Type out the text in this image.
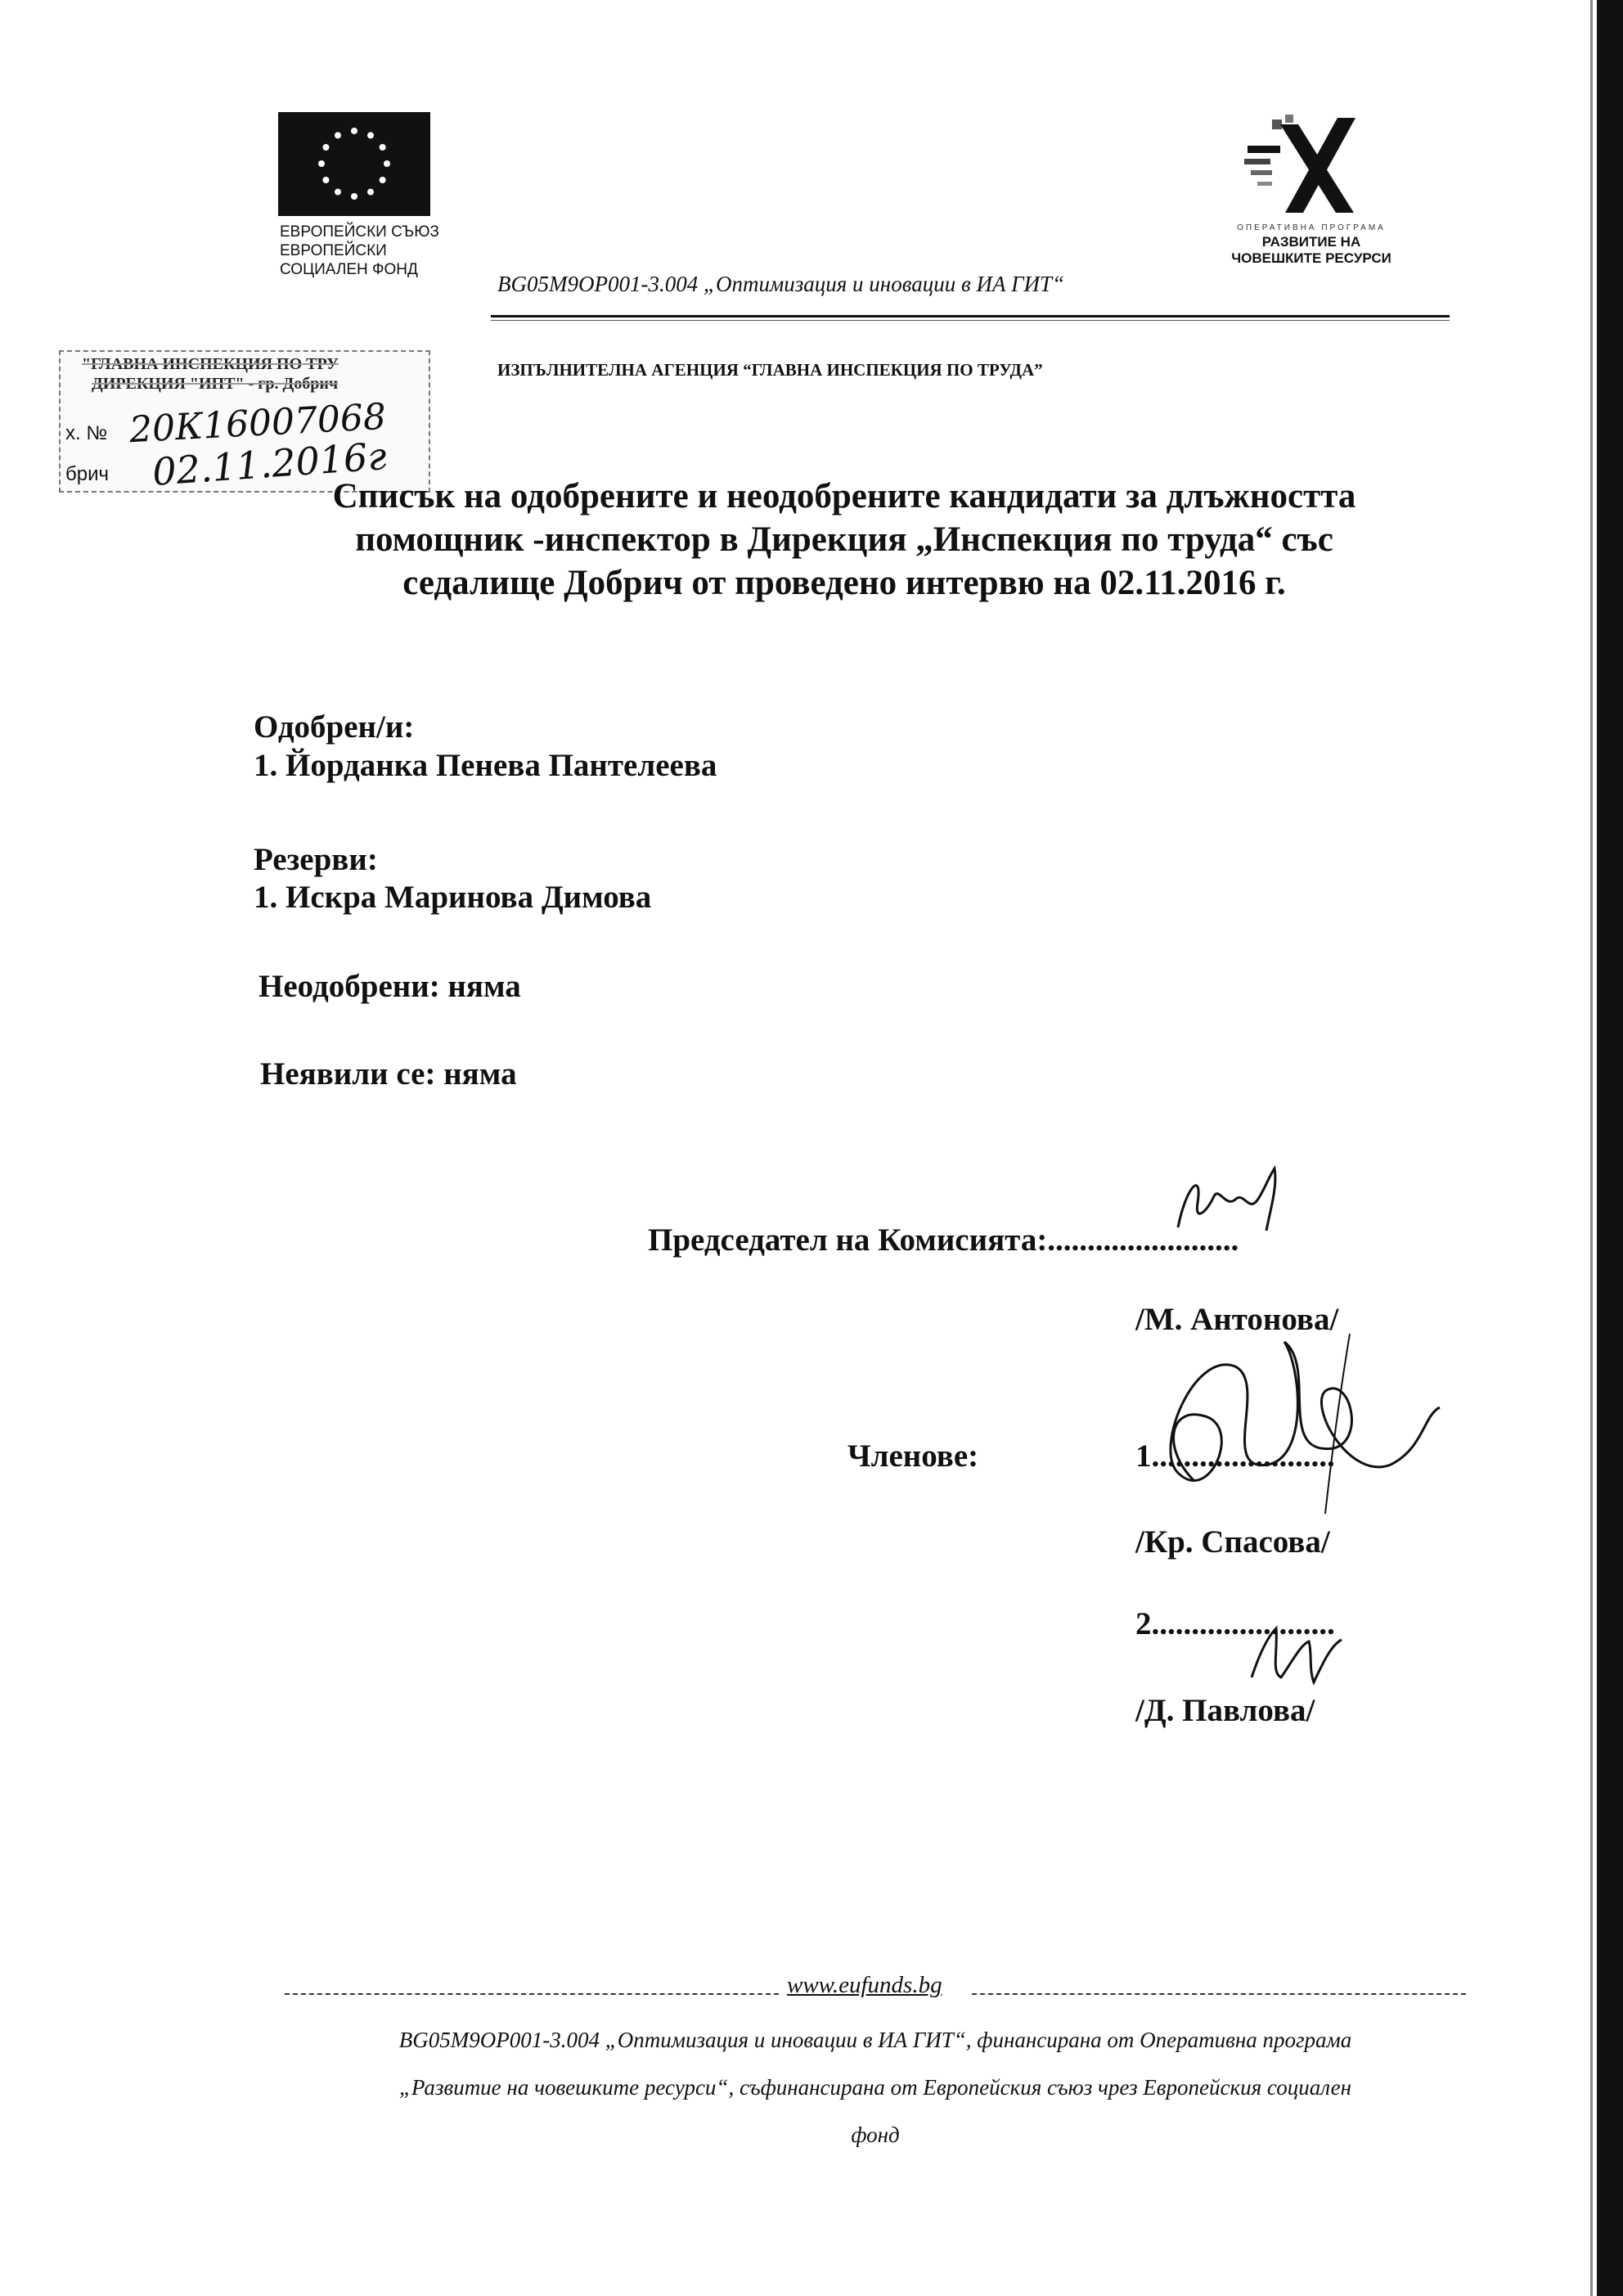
ЕВРОПЕЙСКИ СЪЮЗ
ЕВРОПЕЙСКИ
СОЦИАЛЕН ФОНД
ОПЕРАТИВНА ПРОГРАМА
РАЗВИТИЕ НА
ЧОВЕШКИТЕ РЕСУРСИ
BG05M9OP001-3.004 „Оптимизация и иновации в ИА ГИТ“
ИЗПЪЛНИТЕЛНА АГЕНЦИЯ “ГЛАВНА ИНСПЕКЦИЯ ПО ТРУДА”
"ГЛАВНА ИНСПЕКЦИЯ ПО ТРУ
ДИРЕКЦИЯ "ИПТ" - гр. Добрич
х. №
брич
20К16007068
02.11.2016г
Списък на одобрените и неодобрените кандидати за длъжността
помощник -инспектор в Дирекция „Инспекция по труда“ със
седалище Добрич от проведено интервю на 02.11.2016 г.
Одобрен/и:
1. Йорданка Пенева Пантелеева
Резерви:
1. Искра Маринова Димова
Неодобрени: няма
Неявили се: няма
Председател на Комисията:........................
/М. Антонова/
Членове:	1.......................
/Кр. Спасова/
2.......................
/Д. Павлова/
www.eufunds.bg
BG05M9OP001-3.004 „Оптимизация и иновации в ИА ГИТ“, финансирана от Оперативна програма
„Развитие на човешките ресурси“, съфинансирана от Европейския съюз чрез Европейския социален
фонд
